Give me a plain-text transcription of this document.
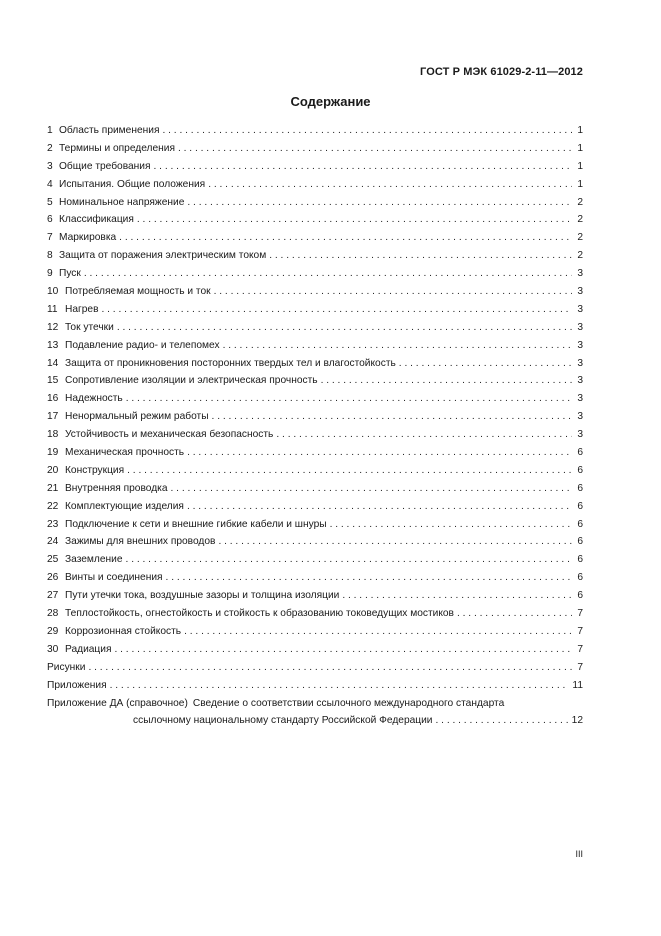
ГОСТ Р МЭК 61029-2-11—2012
Содержание
1 Область применения . . .	1
2 Термины и определения . . .	1
3 Общие требования . . .	1
4 Испытания. Общие положения . . .	1
5 Номинальное напряжение . . .	2
6 Классификация . . .	2
7 Маркировка . . .	2
8 Защита от поражения электрическим током . . .	2
9 Пуск . . .	3
10 Потребляемая мощность и ток . . .	3
11 Нагрев . . .	3
12 Ток утечки . . .	3
13 Подавление радио- и телепомех . . .	3
14 Защита от проникновения посторонних твердых тел и влагостойкость . . .	3
15 Сопротивление изоляции и электрическая прочность . . .	3
16 Надежность . . .	3
17 Ненормальный режим работы . . .	3
18 Устойчивость и механическая безопасность . . .	3
19 Механическая прочность . . .	6
20 Конструкция . . .	6
21 Внутренняя проводка . . .	6
22 Комплектующие изделия . . .	6
23 Подключение к сети и внешние гибкие кабели и шнуры . . .	6
24 Зажимы для внешних проводов . . .	6
25 Заземление . . .	6
26 Винты и соединения . . .	6
27 Пути утечки тока, воздушные зазоры и толщина изоляции . . .	6
28 Теплостойкость, огнестойкость и стойкость к образованию токоведущих мостиков . . .	7
29 Коррозионная стойкость . . .	7
30 Радиация . . .	7
Рисунки . . .	7
Приложения . . .	11
Приложение ДА (справочное) Сведение о соответствии ссылочного международного стандарта
ссылочному национальному стандарту Российской Федерации . . .	12
III
